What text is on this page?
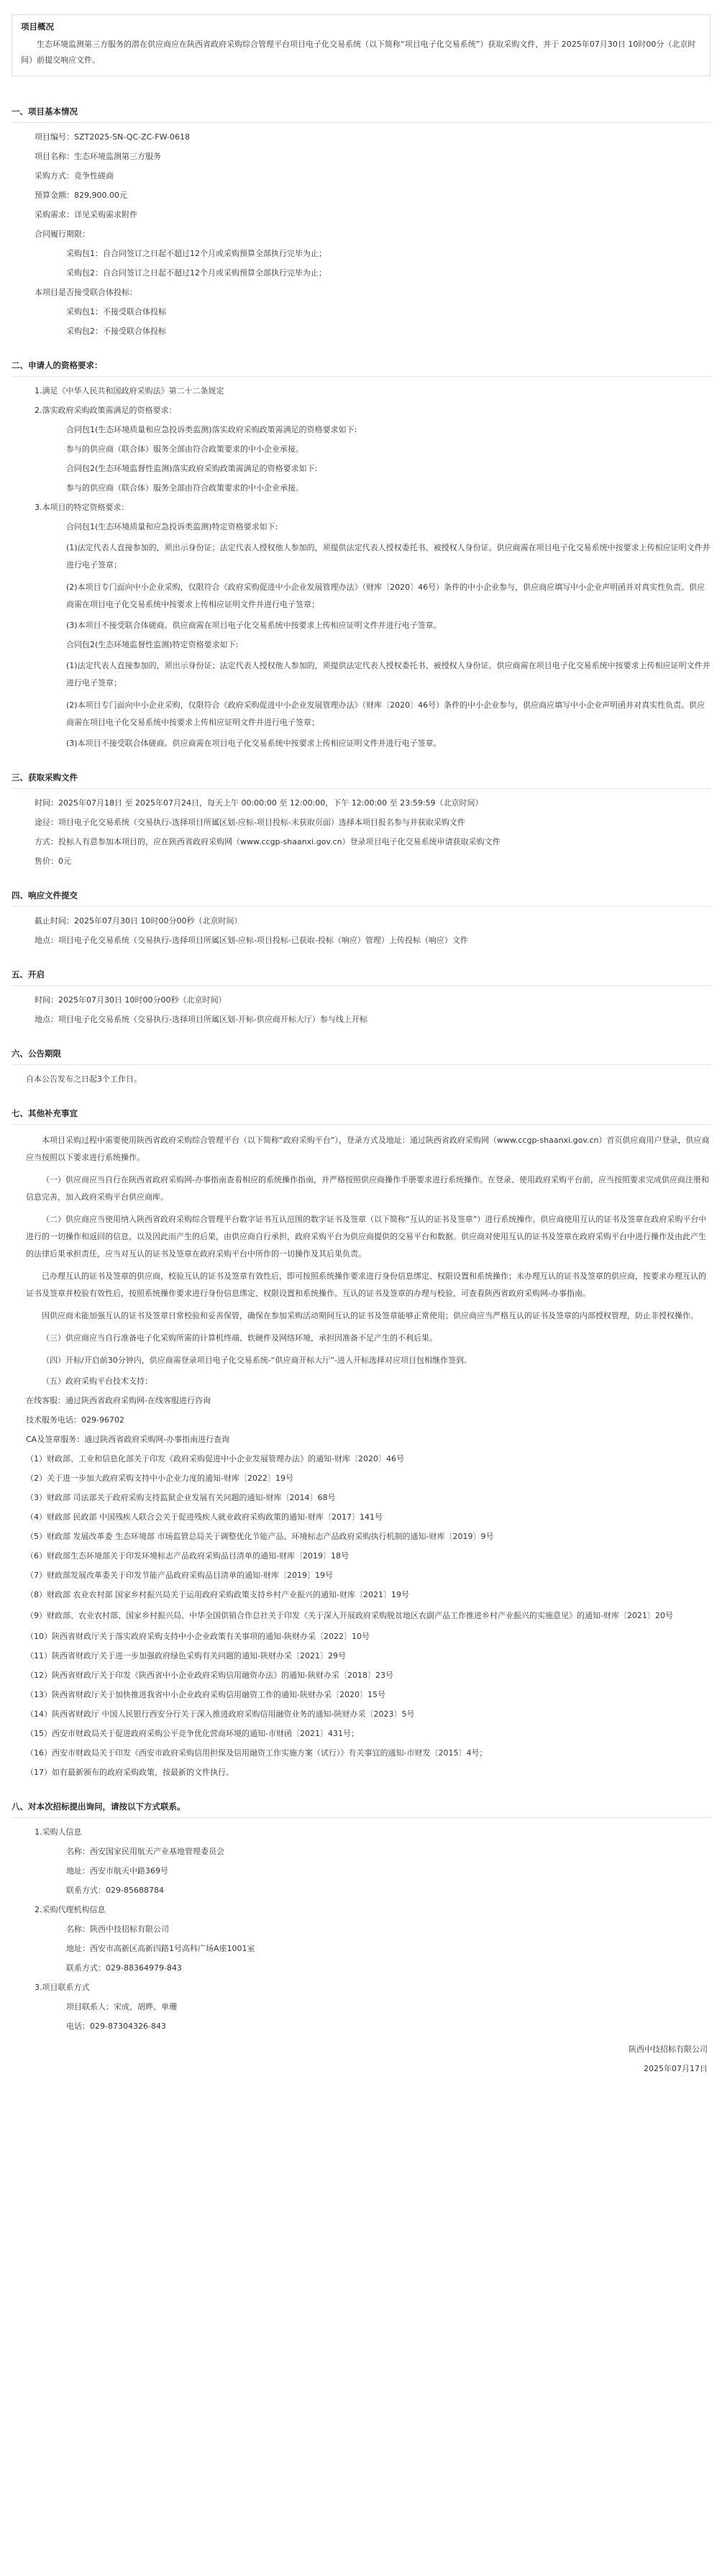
项目概况
生态环境监测第三方服务的潜在供应商应在陕西省政府采购综合管理平台项目电子化交易系统（以下简称“项目电子化交易系统”）获取采购文件，并于 2025年07月30日 10时00分（北京时间）前提交响应文件。
一、项目基本情况
项目编号：SZT2025-SN-QC-ZC-FW-0618
项目名称：生态环境监测第三方服务
采购方式：竞争性磋商
预算金额：829,900.00元
采购需求：详见采购需求附件
合同履行期限：
采购包1：自合同签订之日起不超过12个月或采购预算全部执行完毕为止；
采购包2：自合同签订之日起不超过12个月或采购预算全部执行完毕为止；
本项目是否接受联合体投标：
采购包1：不接受联合体投标
采购包2：不接受联合体投标
二、申请人的资格要求：
1.满足《中华人民共和国政府采购法》第二十二条规定
2.落实政府采购政策需满足的资格要求：
合同包1(生态环境质量和应急投诉类监测)落实政府采购政策需满足的资格要求如下:
参与的供应商（联合体）服务全部由符合政策要求的中小企业承接。
合同包2(生态环境监督性监测)落实政府采购政策需满足的资格要求如下:
参与的供应商（联合体）服务全部由符合政策要求的中小企业承接。
3.本项目的特定资格要求：
合同包1(生态环境质量和应急投诉类监测)特定资格要求如下:
(1)法定代表人直接参加的，须出示身份证；法定代表人授权他人参加的，须提供法定代表人授权委托书、被授权人身份证。供应商需在项目电子化交易系统中按要求上传相应证明文件并进行电子签章；
(2)本项目专门面向中小企业采购，仅限符合《政府采购促进中小企业发展管理办法》（财库〔2020〕46号）条件的中小企业参与，供应商应填写中小企业声明函并对真实性负责。供应商需在项目电子化交易系统中按要求上传相应证明文件并进行电子签章；
(3)本项目不接受联合体磋商。供应商需在项目电子化交易系统中按要求上传相应证明文件并进行电子签章。
合同包2(生态环境监督性监测)特定资格要求如下:
(1)法定代表人直接参加的，须出示身份证；法定代表人授权他人参加的，须提供法定代表人授权委托书、被授权人身份证。供应商需在项目电子化交易系统中按要求上传相应证明文件并进行电子签章；
(2)本项目专门面向中小企业采购，仅限符合《政府采购促进中小企业发展管理办法》（财库〔2020〕46号）条件的中小企业参与，供应商应填写中小企业声明函并对真实性负责。供应商需在项目电子化交易系统中按要求上传相应证明文件并进行电子签章；
(3)本项目不接受联合体磋商。供应商需在项目电子化交易系统中按要求上传相应证明文件并进行电子签章。
三、获取采购文件
时间：2025年07月18日 至 2025年07月24日，每天上午 00:00:00 至 12:00:00，下午 12:00:00 至 23:59:59（北京时间）
途径：项目电子化交易系统（交易执行-选择项目所属区划-应标-项目投标-未获取页面）选择本项目报名参与并获取采购文件
方式：投标人有意参加本项目的，应在陕西省政府采购网（www.ccgp-shaanxi.gov.cn）登录项目电子化交易系统申请获取采购文件
售价：0元
四、响应文件提交
截止时间：2025年07月30日 10时00分00秒（北京时间）
地点：项目电子化交易系统（交易执行-选择项目所属区划-应标-项目投标-已获取-投标（响应）管理）上传投标（响应）文件
五、开启
时间：2025年07月30日 10时00分00秒（北京时间）
地点：项目电子化交易系统（交易执行-选择项目所属区划-开标-供应商开标大厅）参与线上开标
六、公告期限
自本公告发布之日起3个工作日。
七、其他补充事宜
本项目采购过程中需要使用陕西省政府采购综合管理平台（以下简称“政府采购平台”），登录方式及地址：通过陕西省政府采购网（www.ccgp-shaanxi.gov.cn）首页供应商用户登录，供应商应当按照以下要求进行系统操作。
（一）供应商应当自行在陕西省政府采购网-办事指南查看相应的系统操作指南，并严格按照供应商操作手册要求进行系统操作。在登录、使用政府采购平台前，应当按照要求完成供应商注册和信息完善，加入政府采购平台供应商库。
（二）供应商应当使用纳入陕西省政府采购综合管理平台数字证书互认范围的数字证书及签章（以下简称“互认的证书及签章”）进行系统操作。供应商使用互认的证书及签章在政府采购平台中进行的一切操作和返回的信息，以及因此而产生的后果，由供应商自行承担，政府采购平台为供应商提供的交易平台和数据。供应商对使用互认的证书及签章在政府采购平台中进行操作及由此产生的法律后果承担责任，应当对互认的证书及签章在政府采购平台中所作的一切操作及其后果负责。
已办理互认的证书及签章的供应商，校验互认的证书及签章有效性后，即可按照系统操作要求进行身份信息绑定、权限设置和系统操作；未办理互认的证书及签章的供应商，按要求办理互认的证书及签章并校验有效性后，按照系统操作要求进行身份信息绑定、权限设置和系统操作。互认的证书及签章的办理与校验，可查看陕西省政府采购网-办事指南。
因供应商未能加强互认的证书及签章日常校验和妥善保管，确保在参加采购活动期间互认的证书及签章能够正常使用；供应商应当严格互认的证书及签章的内部授权管理，防止非授权操作。
（三）供应商应当自行准备电子化采购所需的计算机终端、软硬件及网络环境，承担因准备不足产生的不利后果。
（四）开标/开启前30分钟内，供应商需登录项目电子化交易系统-“供应商开标大厅”-进入开标选择对应项目包相继作签到。
（五）政府采购平台技术支持：
在线客服：通过陕西省政府采购网-在线客服进行咨询
技术服务电话：029-96702
CA及签章服务：通过陕西省政府采购网-办事指南进行查询
（1）财政部、工业和信息化部关于印发《政府采购促进中小企业发展管理办法》的通知-财库〔2020〕46号
（2）关于进一步加大政府采购支持中小企业力度的通知-财库〔2022〕19号
（3）财政部 司法部关于政府采购支持监狱企业发展有关问题的通知-财库〔2014〕68号
（4）财政部 民政部 中国残疾人联合会关于促进残疾人就业政府采购政策的通知-财库〔2017〕141号
（5）财政部 发展改革委 生态环境部 市场监管总局关于调整优化节能产品、环境标志产品政府采购执行机制的通知-财库〔2019〕9号
（6）财政部生态环境部关于印发环境标志产品政府采购品目清单的通知-财库〔2019〕18号
（7）财政部发展改革委关于印发节能产品政府采购品目清单的通知-财库〔2019〕19号
（8）财政部 农业农村部 国家乡村振兴局关于运用政府采购政策支持乡村产业振兴的通知-财库〔2021〕19号
（9）财政部、农业农村部、国家乡村振兴局、中华全国供销合作总社关于印发《关于深入开展政府采购脱贫地区农副产品工作推进乡村产业振兴的实施意见》的通知-财库〔2021〕20号
（10）陕西省财政厅关于落实政府采购支持中小企业政策有关事项的通知-陕财办采〔2022〕10号
（11）陕西省财政厅关于进一步加强政府绿色采购有关问题的通知-陕财办采〔2021〕29号
（12）陕西省财政厅关于印发《陕西省中小企业政府采购信用融资办法》的通知-陕财办采〔2018〕23号
（13）陕西省财政厅关于加快推进我省中小企业政府采购信用融资工作的通知-陕财办采〔2020〕15号
（14）陕西省财政厅 中国人民银行西安分行关于深入推进政府采购信用融资业务的通知-陕财办采〔2023〕5号
（15）西安市财政局关于促进政府采购公平竞争优化营商环境的通知-市财函〔2021〕431号；
（16）西安市财政局关于印发《西安市政府采购信用担保及信用融资工作实施方案（试行）》有关事宜的通知-市财发〔2015〕4号；
（17）如有最新颁布的政府采购政策，按最新的文件执行。
八、对本次招标提出询问，请按以下方式联系。
1.采购人信息
名称：西安国家民用航天产业基地管理委员会
地址：西安市航天中路369号
联系方式：029-85688784
2.采购代理机构信息
名称：陕西中技招标有限公司
地址：西安市高新区高新四路1号高科广场A座1001室
联系方式：029-88364979-843
3.项目联系方式
项目联系人：宋成、胡晔、单珊
电话：029-87304326-843
陕西中技招标有限公司
2025年07月17日
